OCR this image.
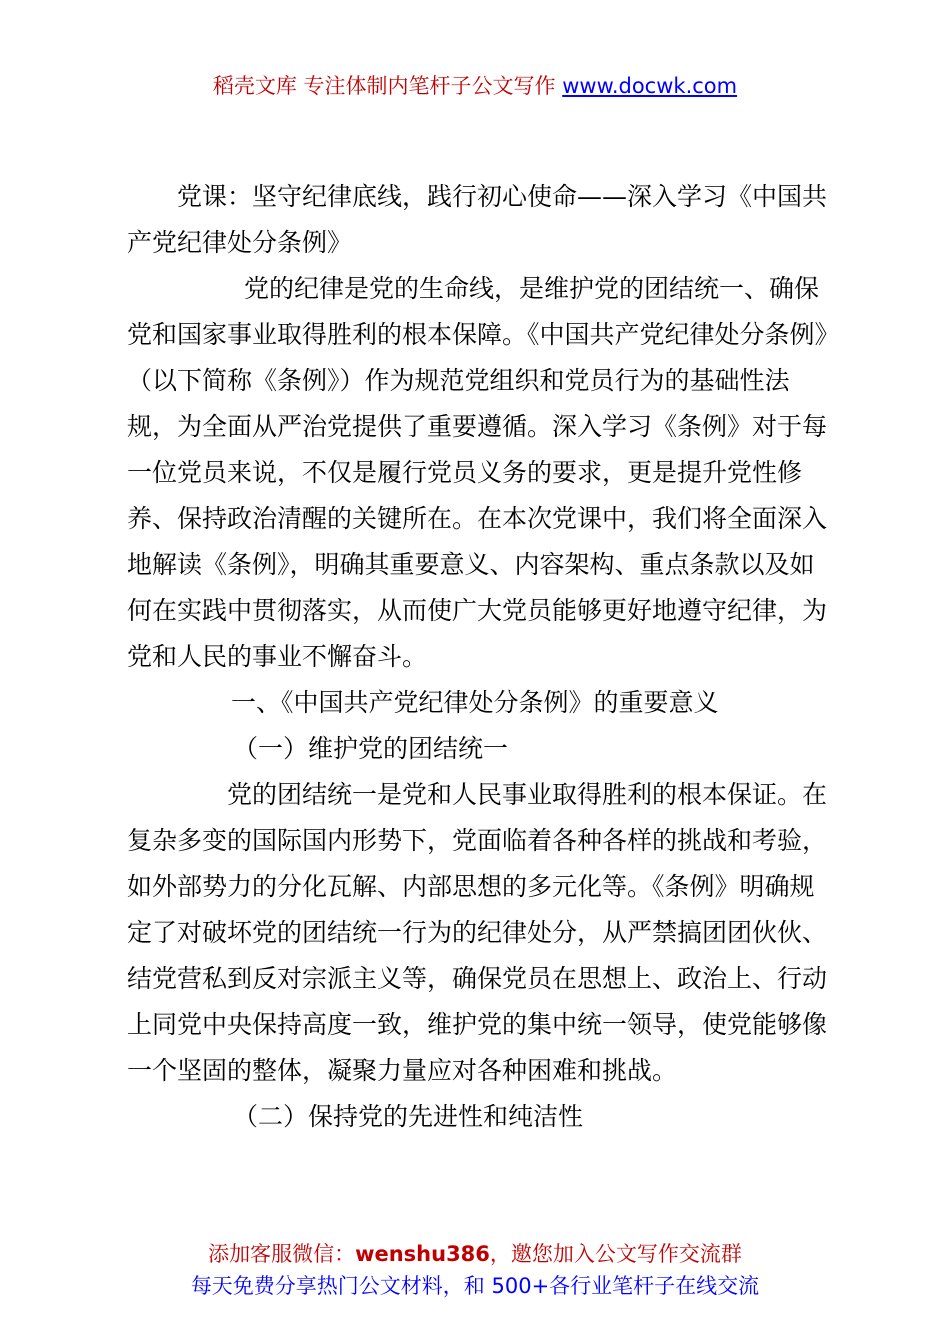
稻壳文库 专注体制内笔杆子公文写作 www.docwk.com

党课：坚守纪律底线，践行初心使命——深入学习《中国共产党纪律处分条例》

党的纪律是党的生命线，是维护党的团结统一、确保党和国家事业取得胜利的根本保障。《中国共产党纪律处分条例》（以下简称《条例》）作为规范党组织和党员行为的基础性法规，为全面从严治党提供了重要遵循。深入学习《条例》对于每一位党员来说，不仅是履行党员义务的要求，更是提升党性修养、保持政治清醒的关键所在。在本次党课中，我们将全面深入地解读《条例》，明确其重要意义、内容架构、重点条款以及如何在实践中贯彻落实，从而使广大党员能够更好地遵守纪律，为党和人民的事业不懈奋斗。

一、《中国共产党纪律处分条例》的重要意义

（一）维护党的团结统一

党的团结统一是党和人民事业取得胜利的根本保证。在复杂多变的国际国内形势下，党面临着各种各样的挑战和考验，如外部势力的分化瓦解、内部思想的多元化等。《条例》明确规定了对破坏党的团结统一行为的纪律处分，从严禁搞团团伙伙、结党营私到反对宗派主义等，确保党员在思想上、政治上、行动上同党中央保持高度一致，维护党的集中统一领导，使党能够像一个坚固的整体，凝聚力量应对各种困难和挑战。

（二）保持党的先进性和纯洁性

添加客服微信：wenshu386，邀您加入公文写作交流群
每天免费分享热门公文材料，和 500+各行业笔杆子在线交流
